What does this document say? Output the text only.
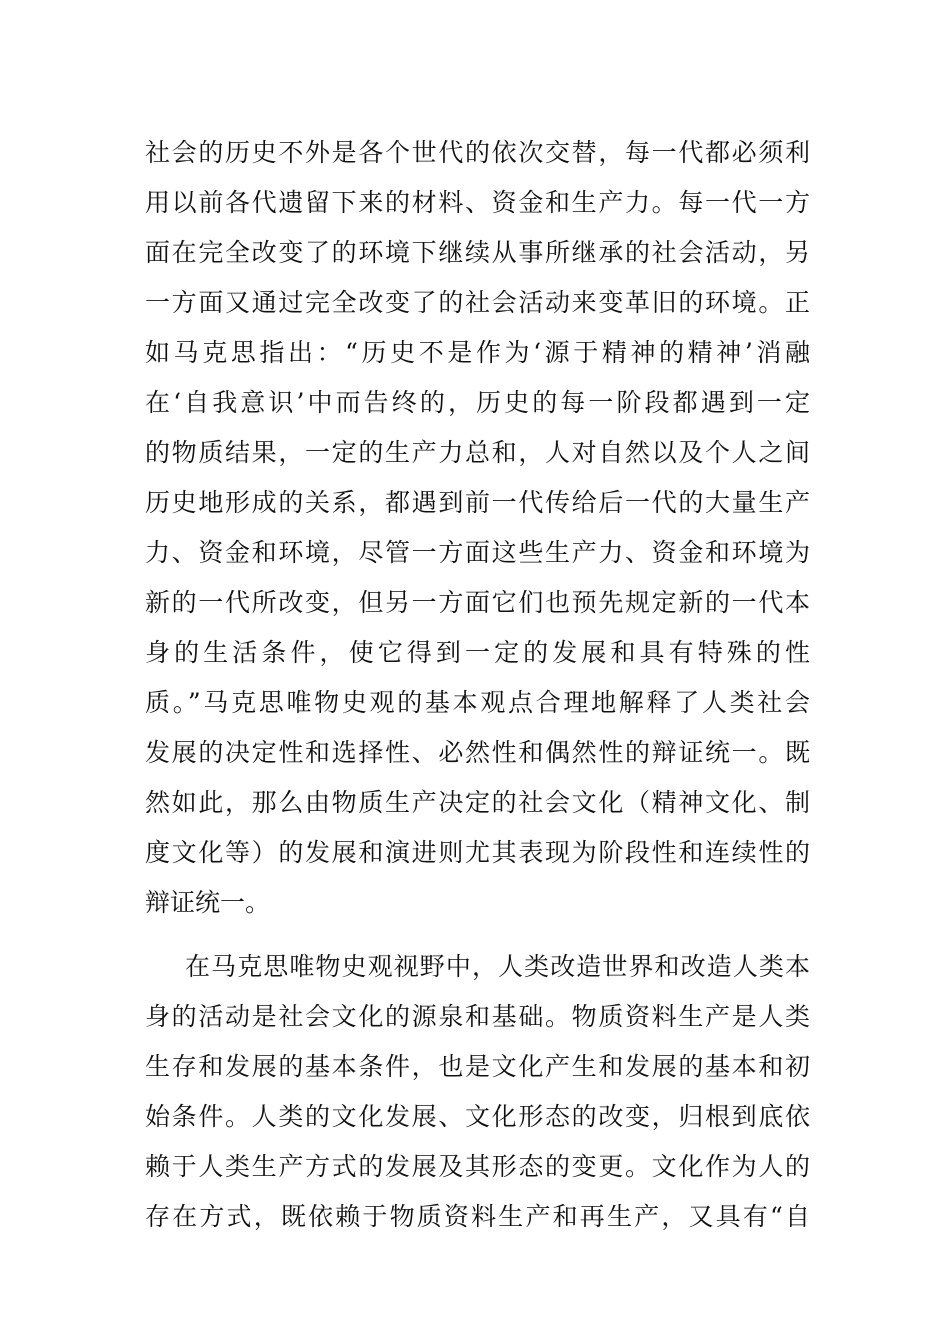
社会的历史不外是各个世代的依次交替，每一代都必须利
用以前各代遗留下来的材料、资金和生产力。每一代一方
面在完全改变了的环境下继续从事所继承的社会活动，另
一方面又通过完全改变了的社会活动来变革旧的环境。正
如马克思指出：“历史不是作为‘源于精神的精神’消融
在‘自我意识’中而告终的，历史的每一阶段都遇到一定
的物质结果，一定的生产力总和，人对自然以及个人之间
历史地形成的关系，都遇到前一代传给后一代的大量生产
力、资金和环境，尽管一方面这些生产力、资金和环境为
新的一代所改变，但另一方面它们也预先规定新的一代本
身的生活条件，使它得到一定的发展和具有特殊的性
质。”马克思唯物史观的基本观点合理地解释了人类社会
发展的决定性和选择性、必然性和偶然性的辩证统一。既
然如此，那么由物质生产决定的社会文化（精神文化、制
度文化等）的发展和演进则尤其表现为阶段性和连续性的
辩证统一。
在马克思唯物史观视野中，人类改造世界和改造人类本
身的活动是社会文化的源泉和基础。物质资料生产是人类
生存和发展的基本条件，也是文化产生和发展的基本和初
始条件。人类的文化发展、文化形态的改变，归根到底依
赖于人类生产方式的发展及其形态的变更。文化作为人的
存在方式，既依赖于物质资料生产和再生产，又具有“自
